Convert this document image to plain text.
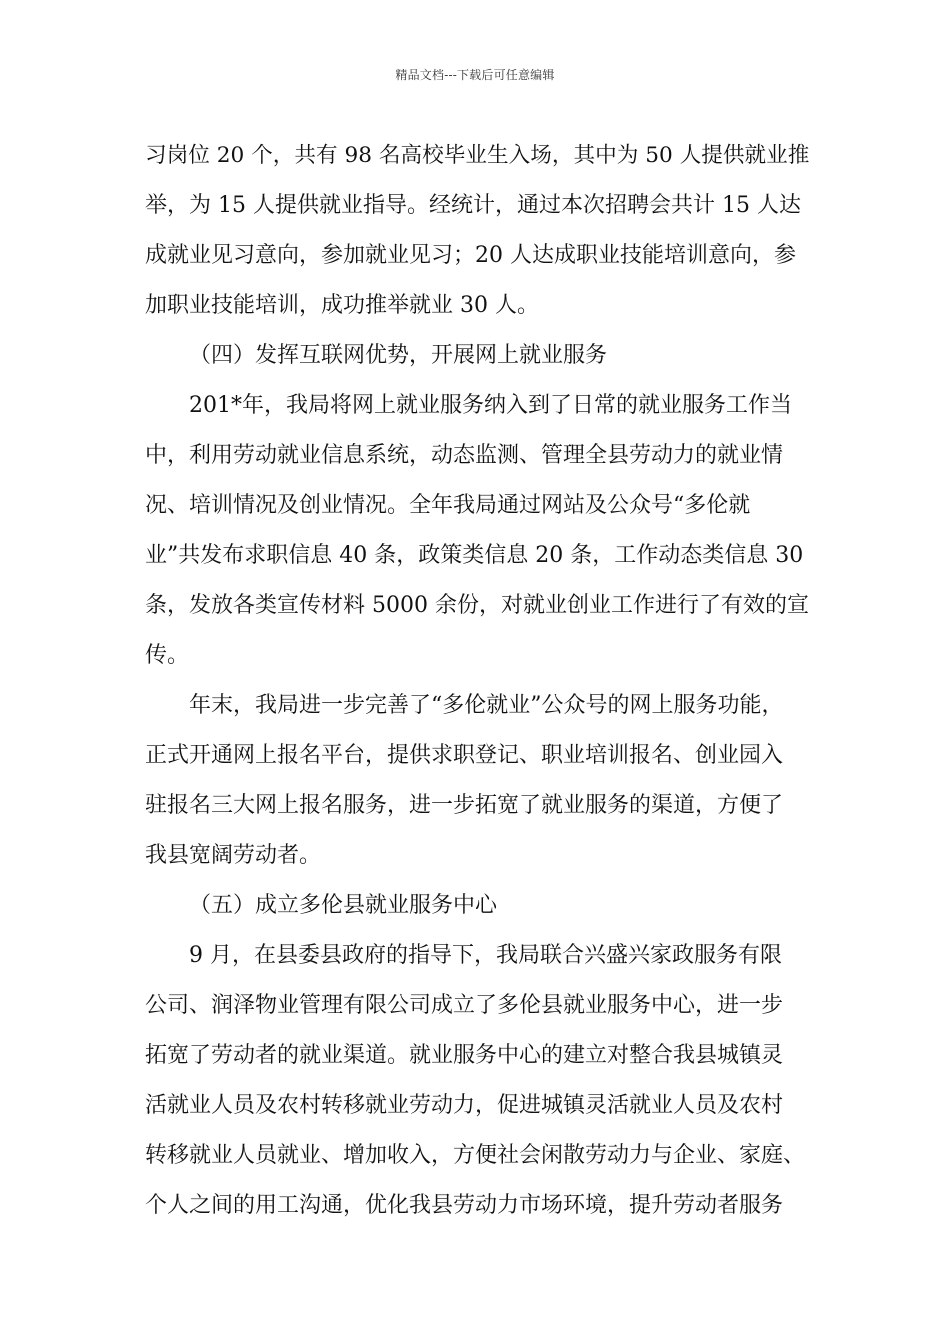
精品文档---下载后可任意编辑
习岗位 20 个，共有 98 名高校毕业生入场，其中为 50 人提供就业推
举，为 15 人提供就业指导。经统计，通过本次招聘会共计 15 人达
成就业见习意向，参加就业见习；20 人达成职业技能培训意向，参
加职业技能培训，成功推举就业 30 人。
（四）发挥互联网优势，开展网上就业服务
201*年，我局将网上就业服务纳入到了日常的就业服务工作当
中，利用劳动就业信息系统，动态监测、管理全县劳动力的就业情
况、培训情况及创业情况。全年我局通过网站及公众号“多伦就
业”共发布求职信息 40 条，政策类信息 20 条，工作动态类信息 30
条，发放各类宣传材料 5000 余份，对就业创业工作进行了有效的宣
传。
年末，我局进一步完善了“多伦就业”公众号的网上服务功能，
正式开通网上报名平台，提供求职登记、职业培训报名、创业园入
驻报名三大网上报名服务，进一步拓宽了就业服务的渠道，方便了
我县宽阔劳动者。
（五）成立多伦县就业服务中心
9 月，在县委县政府的指导下，我局联合兴盛兴家政服务有限
公司、润泽物业管理有限公司成立了多伦县就业服务中心，进一步
拓宽了劳动者的就业渠道。就业服务中心的建立对整合我县城镇灵
活就业人员及农村转移就业劳动力，促进城镇灵活就业人员及农村
转移就业人员就业、增加收入，方便社会闲散劳动力与企业、家庭、
个人之间的用工沟通，优化我县劳动力市场环境，提升劳动者服务
